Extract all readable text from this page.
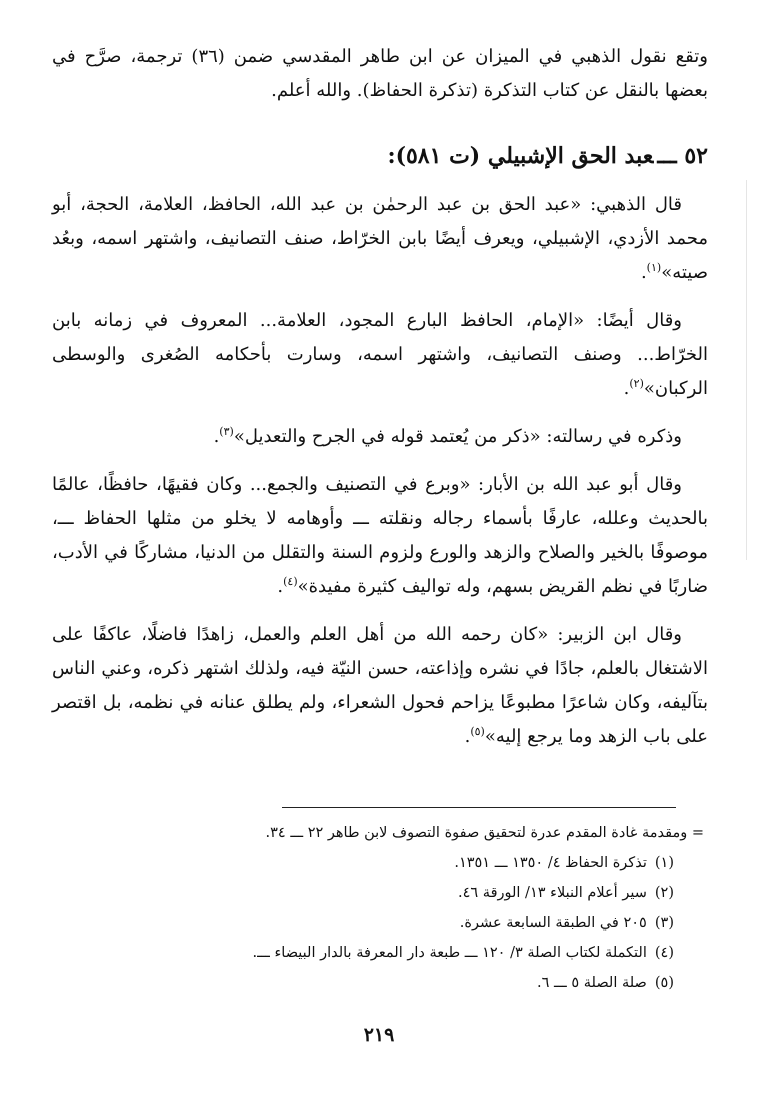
وتقع نقول الذهبي في الميزان عن ابن طاهر المقدسي ضمن (٣٦) ترجمة، صرَّح في بعضها بالنقل عن كتاب التذكرة (تذكرة الحفاظ). والله أعلم.

٥٢ ـــعبد الحق الإشبيلي (ت ٥٨١):

قال الذهبي: «عبد الحق بن عبد الرحمٰن بن عبد الله، الحافظ، العلامة، الحجة، أبو محمد الأزدي، الإشبيلي، ويعرف أيضًا بابن الخرّاط، صنف التصانيف، واشتهر اسمه، وبعُد صيته»$^{(١)}$.

وقال أيضًا: «الإمام، الحافظ البارع المجود، العلامة... المعروف في زمانه بابن الخرّاط... وصنف التصانيف، واشتهر اسمه، وسارت بأحكامه الصُغرى والوسطى الركبان»$^{(٢)}$.

وذكره في رسالته: «ذكر من يُعتمد قوله في الجرح والتعديل»$^{(٣)}$.

وقال أبو عبد الله بن الأبار: «وبرع في التصنيف والجمع... وكان فقيهًا، حافظًا، عالمًا بالحديث وعلله، عارفًا بأسماء رجاله ونقلته ـــ وأوهامه لا يخلو من مثلها الحفاظ ـــ، موصوفًا بالخير والصلاح والزهد والورع ولزوم السنة والتقلل من الدنيا، مشاركًا في الأدب، ضاربًا في نظم القريض بسهم، وله تواليف كثيرة مفيدة»$^{(٤)}$.

وقال ابن الزبير: «كان رحمه الله من أهل العلم والعمل، زاهدًا فاضلًا، عاكفًا على الاشتغال بالعلم، جادًا في نشره وإذاعته، حسن النيّة فيه، ولذلك اشتهر ذكره، وعني الناس بتآليفه، وكان شاعرًا مطبوعًا يزاحم فحول الشعراء، ولم يطلق عنانه في نظمه، بل اقتصر على باب الزهد وما يرجع إليه»$^{(٥)}$.

= ومقدمة غادة المقدم عدرة لتحقيق صفوة التصوف لابن طاهر ٢٢ ـــ ٣٤.

(١)تذكرة الحفاظ ٤/ ١٣٥٠ ـــ ١٣٥١.

(٢)سير أعلام النبلاء ١٣/ الورقة ٤٦.

(٣)٢٠٥ في الطبقة السابعة عشرة.

(٤)التكملة لكتاب الصلة ٣/ ١٢٠ ـــ طبعة دار المعرفة بالدار البيضاء ـــ.

(٥)صلة الصلة ٥ ـــ ٦.

٢١٩
